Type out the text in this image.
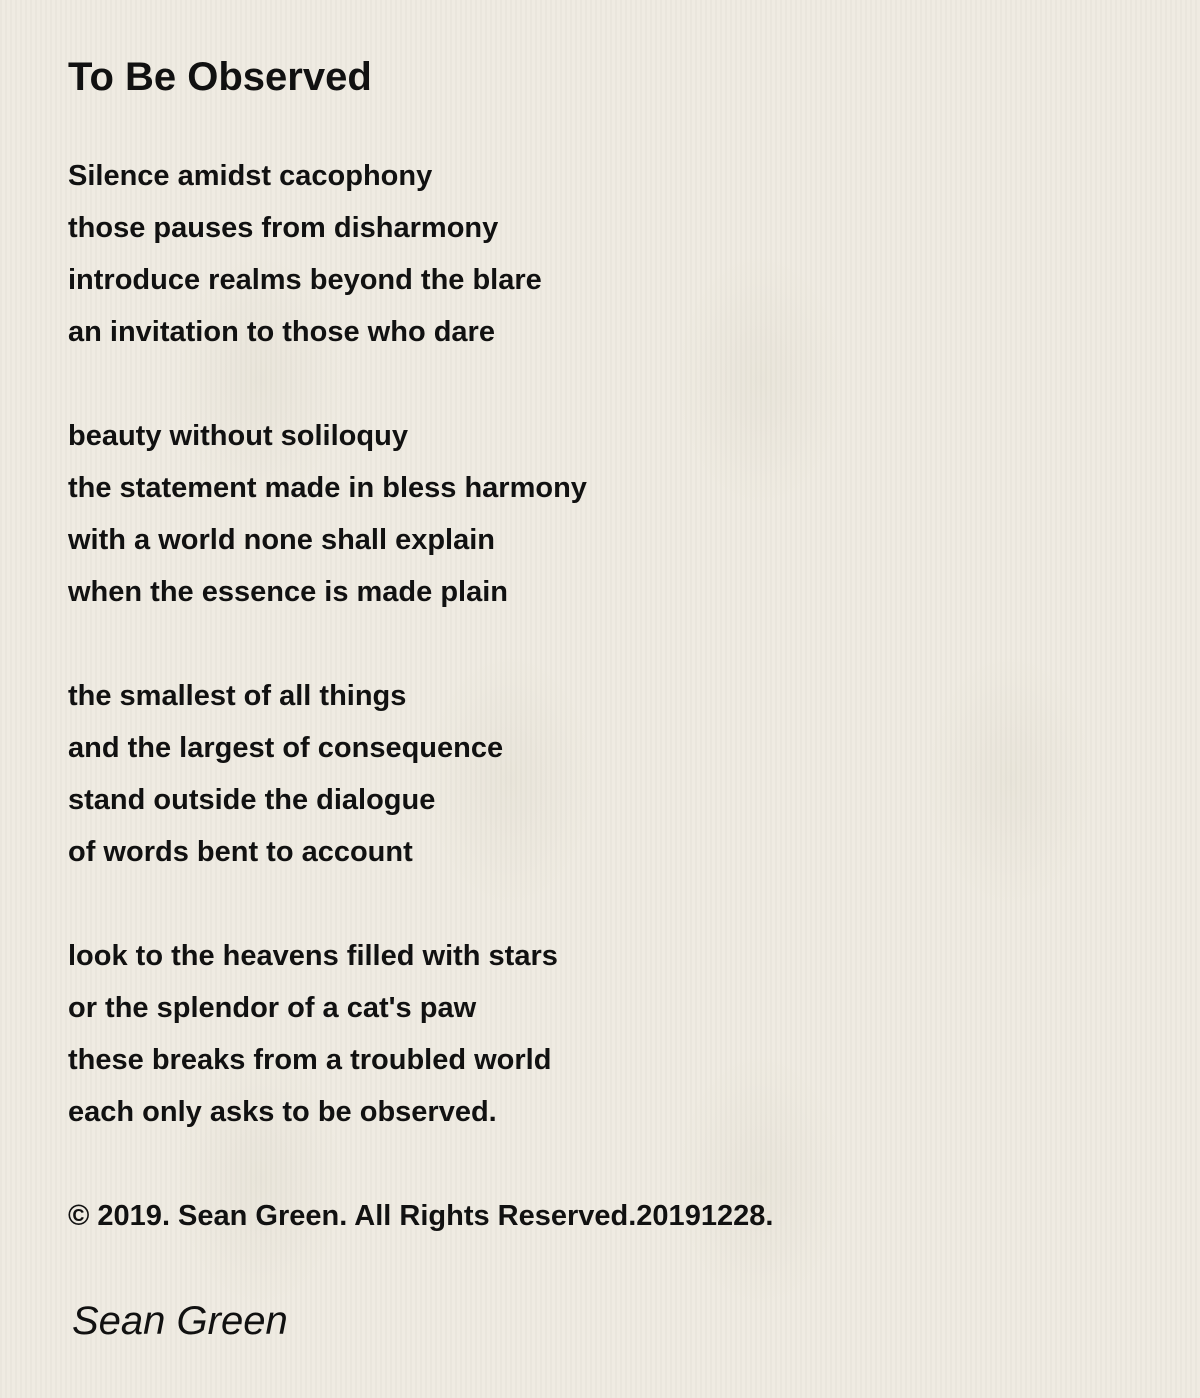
To Be Observed
Silence amidst cacophony
those pauses from disharmony
introduce realms beyond the blare
an invitation to those who dare
beauty without soliloquy
the statement made in bless harmony
with a world none shall explain
when the essence is made plain
the smallest of all things
and the largest of consequence
stand outside the dialogue
of words bent to account
look to the heavens filled with stars
or the splendor of a cat's paw
these breaks from a troubled world
each only asks to be observed.

© 2019. Sean Green. All Rights Reserved.20191228.

Sean Green
